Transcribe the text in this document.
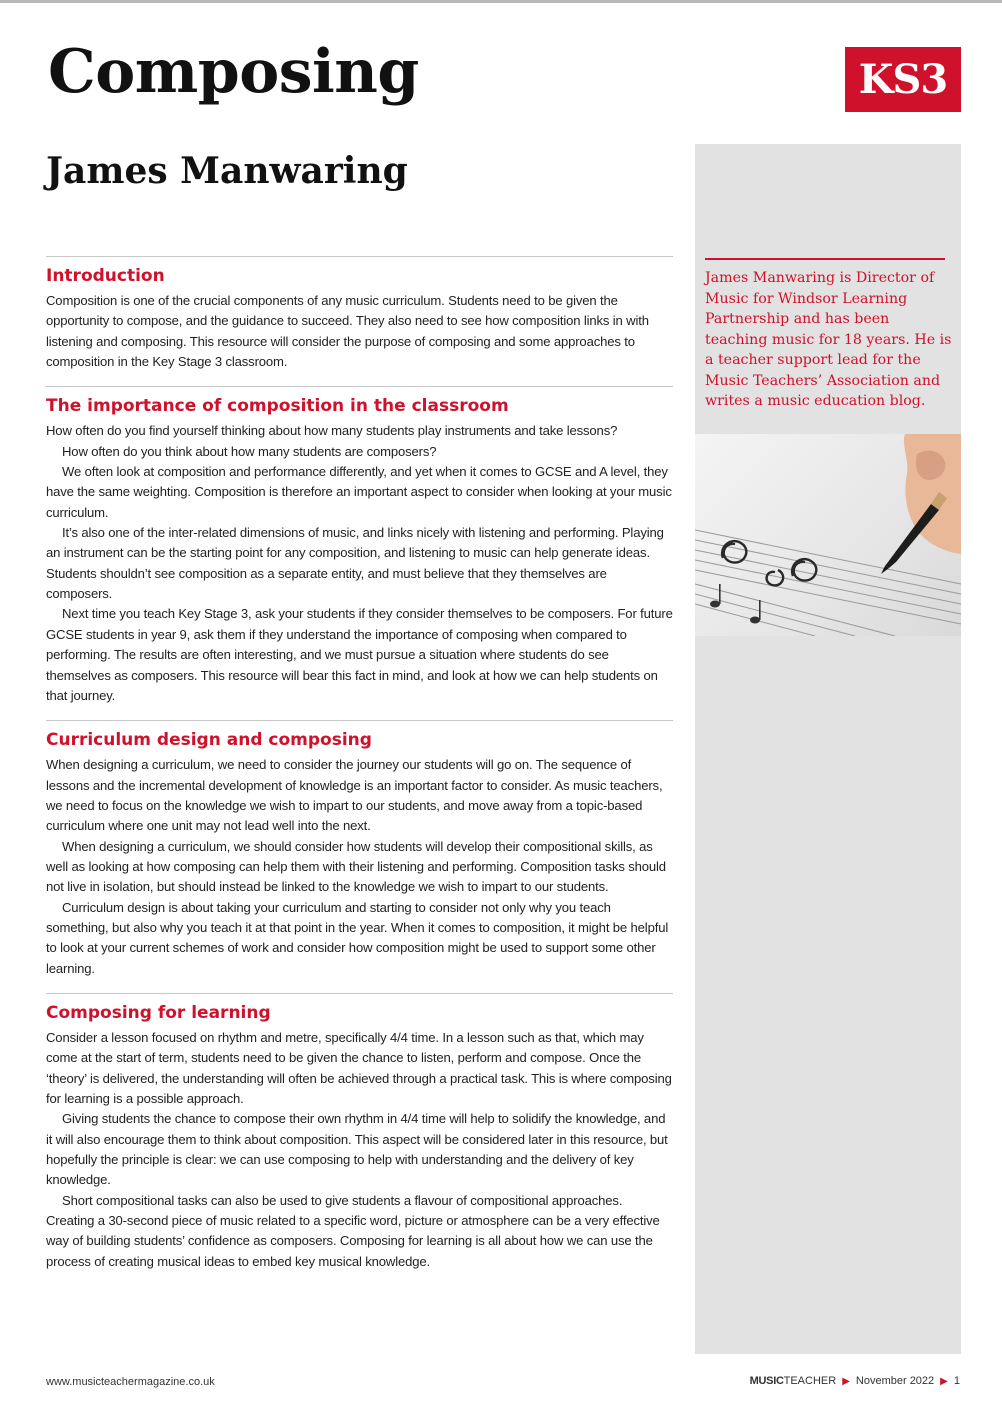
Composing
James Manwaring
KS3

James Manwaring is Director of Music for Windsor Learning Partnership and has been teaching music for 18 years. He is a teacher support lead for the Music Teachers’ Association and writes a music education blog.

Introduction

Composition is one of the crucial components of any music curriculum. Students need to be given the opportunity to compose, and the guidance to succeed. They also need to see how composition links in with listening and composing. This resource will consider the purpose of composing and some approaches to composition in the Key Stage 3 classroom.

The importance of composition in the classroom

How often do you find yourself thinking about how many students play instruments and take lessons?

How often do you think about how many students are composers?

We often look at composition and performance differently, and yet when it comes to GCSE and A level, they have the same weighting. Composition is therefore an important aspect to consider when looking at your music curriculum.

It’s also one of the inter-related dimensions of music, and links nicely with listening and performing. Playing an instrument can be the starting point for any composition, and listening to music can help generate ideas. Students shouldn’t see composition as a separate entity, and must believe that they themselves are composers.

Next time you teach Key Stage 3, ask your students if they consider themselves to be composers. For future GCSE students in year 9, ask them if they understand the importance of composing when compared to performing. The results are often interesting, and we must pursue a situation where students do see themselves as composers. This resource will bear this fact in mind, and look at how we can help students on that journey.

Curriculum design and composing

When designing a curriculum, we need to consider the journey our students will go on. The sequence of lessons and the incremental development of knowledge is an important factor to consider. As music teachers, we need to focus on the knowledge we wish to impart to our students, and move away from a topic-based curriculum where one unit may not lead well into the next.

When designing a curriculum, we should consider how students will develop their compositional skills, as well as looking at how composing can help them with their listening and performing. Composition tasks should not live in isolation, but should instead be linked to the knowledge we wish to impart to our students.

Curriculum design is about taking your curriculum and starting to consider not only why you teach something, but also why you teach it at that point in the year. When it comes to composition, it might be helpful to look at your current schemes of work and consider how composition might be used to support some other learning.

Composing for learning

Consider a lesson focused on rhythm and metre, specifically 4/4 time. In a lesson such as that, which may come at the start of term, students need to be given the chance to listen, perform and compose. Once the ‘theory’ is delivered, the understanding will often be achieved through a practical task. This is where composing for learning is a possible approach.

Giving students the chance to compose their own rhythm in 4/4 time will help to solidify the knowledge, and it will also encourage them to think about composition. This aspect will be considered later in this resource, but hopefully the principle is clear: we can use composing to help with understanding and the delivery of key knowledge.

Short compositional tasks can also be used to give students a flavour of compositional approaches. Creating a 30-second piece of music related to a specific word, picture or atmosphere can be a very effective way of building students’ confidence as composers. Composing for learning is all about how we can use the process of creating musical ideas to embed key musical knowledge.

www.musicteachermagazine.co.uk	MUSICTEACHER ▶ November 2022 ▶ 1
